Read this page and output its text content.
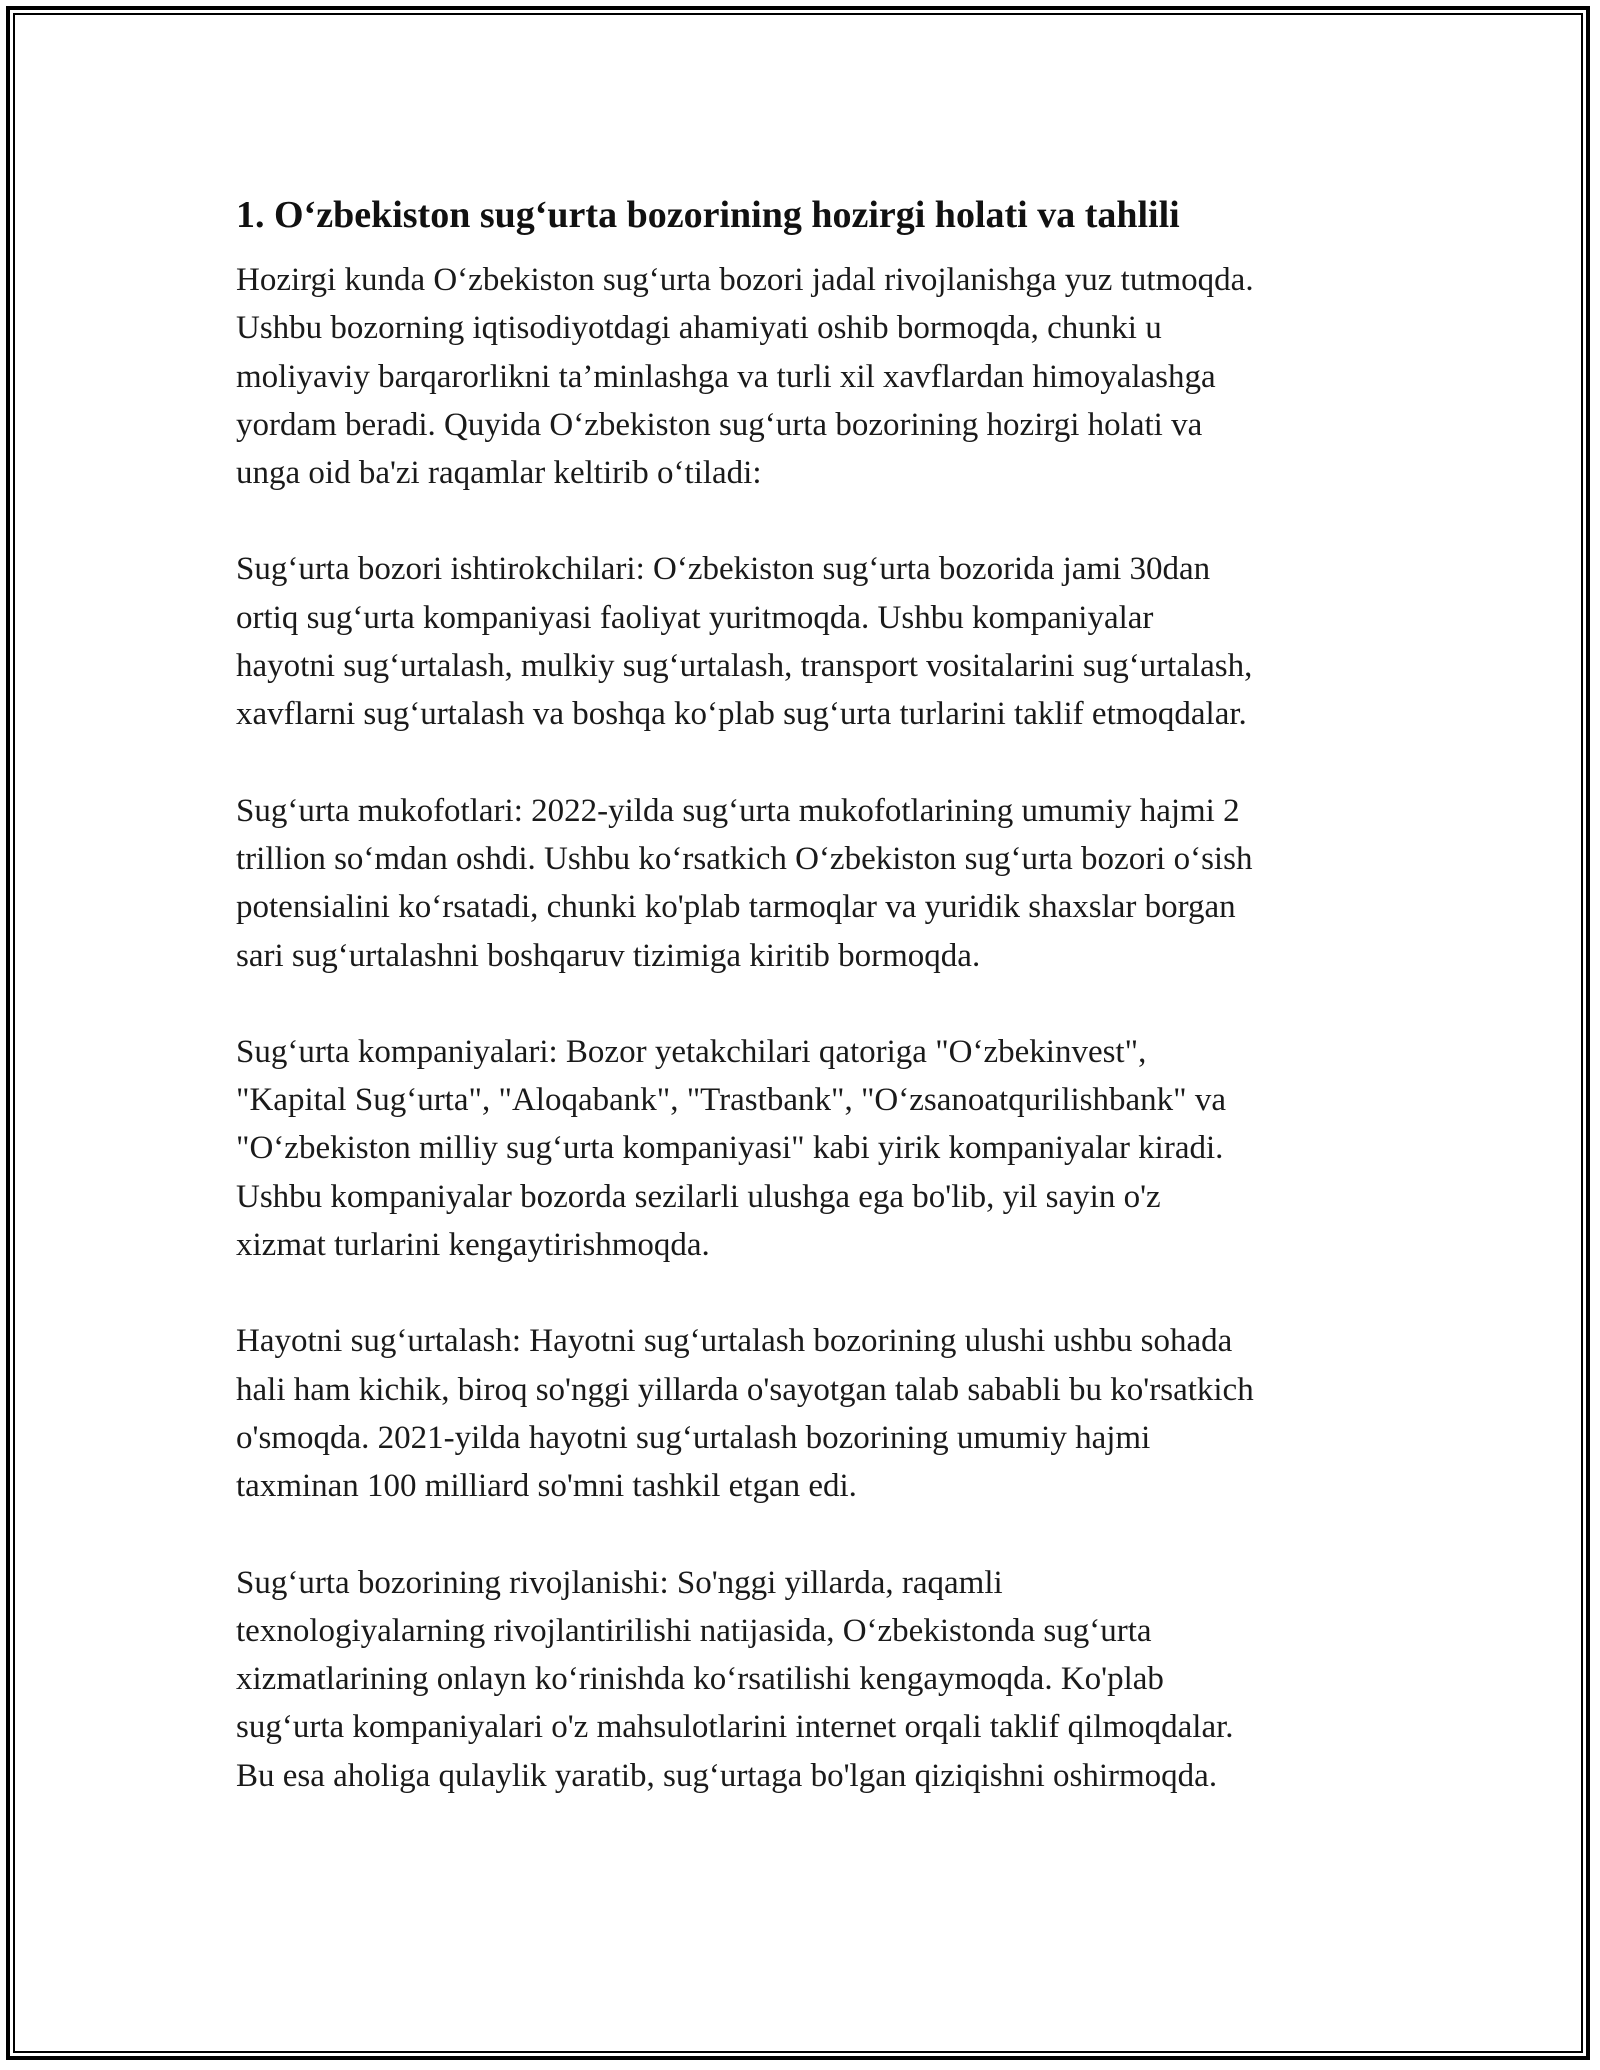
1. O‘zbekiston sug‘urta bozorining hozirgi holati va tahlili

Hozirgi kunda O‘zbekiston sug‘urta bozori jadal rivojlanishga yuz tutmoqda.
Ushbu bozorning iqtisodiyotdagi ahamiyati oshib bormoqda, chunki u
moliyaviy barqarorlikni ta’minlashga va turli xil xavflardan himoyalashga
yordam beradi. Quyida O‘zbekiston sug‘urta bozorining hozirgi holati va
unga oid ba'zi raqamlar keltirib o‘tiladi:

Sug‘urta bozori ishtirokchilari: O‘zbekiston sug‘urta bozorida jami 30dan
ortiq sug‘urta kompaniyasi faoliyat yuritmoqda. Ushbu kompaniyalar
hayotni sug‘urtalash, mulkiy sug‘urtalash, transport vositalarini sug‘urtalash,
xavflarni sug‘urtalash va boshqa ko‘plab sug‘urta turlarini taklif etmoqdalar.

Sug‘urta mukofotlari: 2022-yilda sug‘urta mukofotlarining umumiy hajmi 2
trillion so‘mdan oshdi. Ushbu ko‘rsatkich O‘zbekiston sug‘urta bozori o‘sish
potensialini ko‘rsatadi, chunki ko'plab tarmoqlar va yuridik shaxslar borgan
sari sug‘urtalashni boshqaruv tizimiga kiritib bormoqda.

Sug‘urta kompaniyalari: Bozor yetakchilari qatoriga "O‘zbekinvest",
"Kapital Sug‘urta", "Aloqabank", "Trastbank", "O‘zsanoatqurilishbank" va
"O‘zbekiston milliy sug‘urta kompaniyasi" kabi yirik kompaniyalar kiradi.
Ushbu kompaniyalar bozorda sezilarli ulushga ega bo'lib, yil sayin o'z
xizmat turlarini kengaytirishmoqda.

Hayotni sug‘urtalash: Hayotni sug‘urtalash bozorining ulushi ushbu sohada
hali ham kichik, biroq so'nggi yillarda o'sayotgan talab sababli bu ko'rsatkich
o'smoqda. 2021-yilda hayotni sug‘urtalash bozorining umumiy hajmi
taxminan 100 milliard so'mni tashkil etgan edi.

Sug‘urta bozorining rivojlanishi: So'nggi yillarda, raqamli
texnologiyalarning rivojlantirilishi natijasida, O‘zbekistonda sug‘urta
xizmatlarining onlayn ko‘rinishda ko‘rsatilishi kengaymoqda. Ko'plab
sug‘urta kompaniyalari o'z mahsulotlarini internet orqali taklif qilmoqdalar.
Bu esa aholiga qulaylik yaratib, sug‘urtaga bo'lgan qiziqishni oshirmoqda.
